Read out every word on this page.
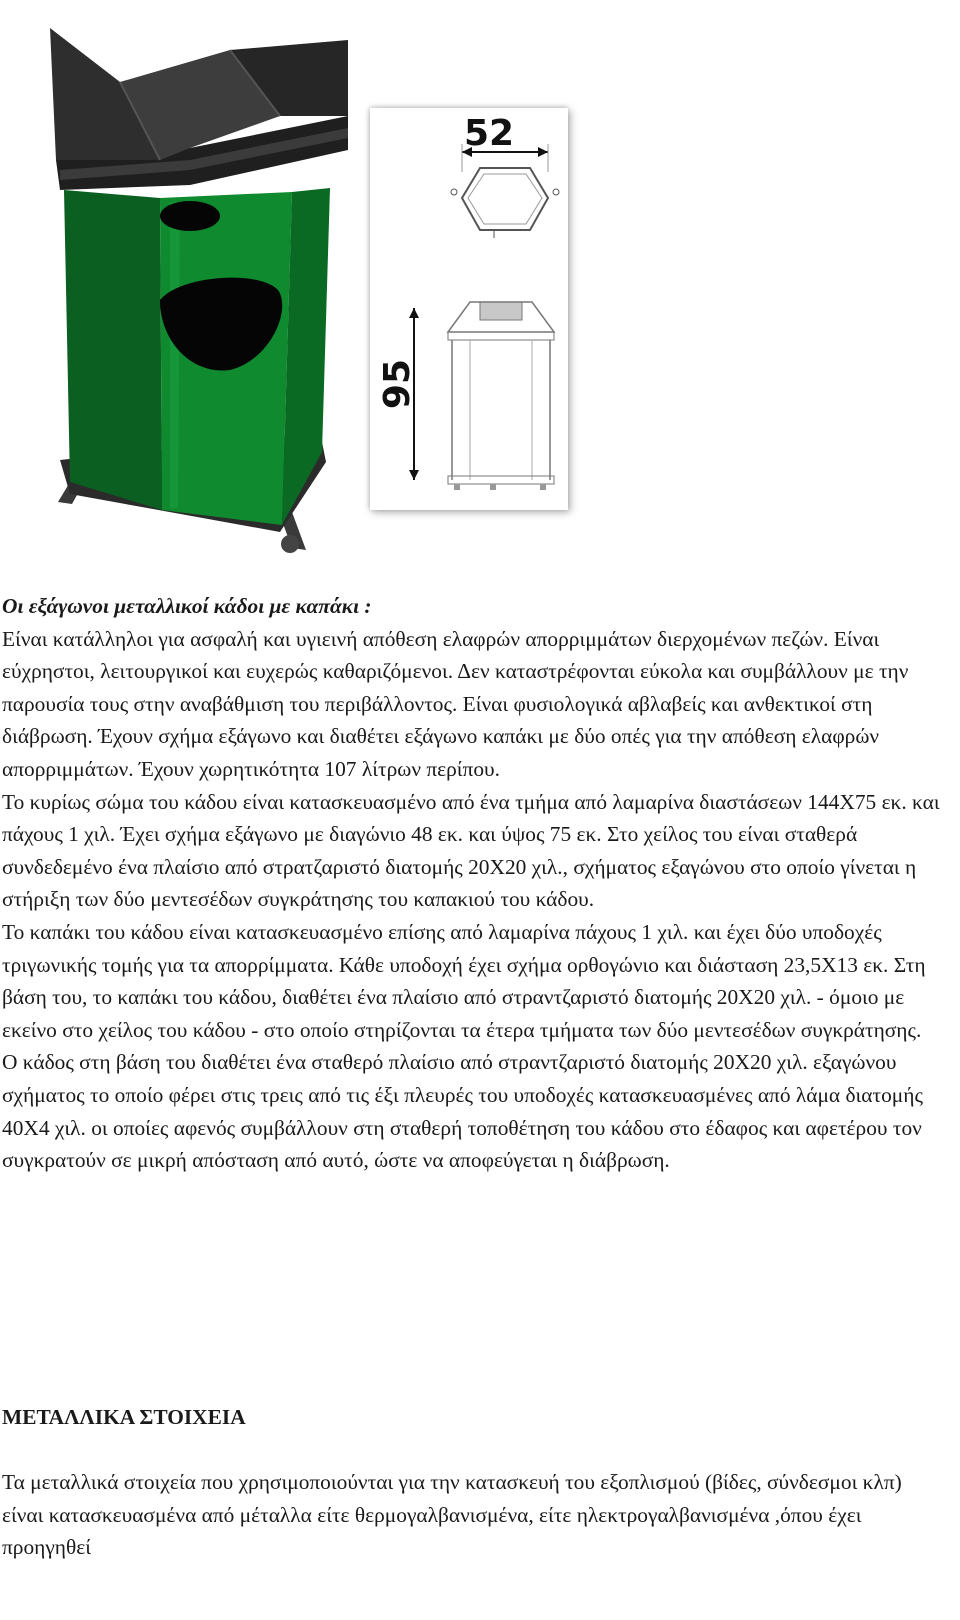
52
95

Οι εξάγωνοι μεταλλικοί κάδοι με καπάκι :

Είναι κατάλληλοι για ασφαλή και υγιεινή απόθεση ελαφρών απορριμμάτων διερχομένων πεζών. Είναι εύχρηστοι, λειτουργικοί και ευχερώς καθαριζόμενοι. Δεν καταστρέφονται εύκολα και συμβάλλουν με την παρουσία τους στην αναβάθμιση του περιβάλλοντος. Είναι φυσιολογικά αβλαβείς και ανθεκτικοί στη διάβρωση. Έχουν σχήμα εξάγωνο και διαθέτει εξάγωνο καπάκι με δύο οπές για την απόθεση ελαφρών απορριμμάτων. Έχουν χωρητικότητα 107 λίτρων περίπου.

Το κυρίως σώμα του κάδου είναι κατασκευασμένο από ένα τμήμα από λαμαρίνα διαστάσεων 144Χ75 εκ. και πάχους 1 χιλ. Έχει σχήμα εξάγωνο με διαγώνιο 48 εκ. και ύψος 75 εκ. Στο χείλος του είναι σταθερά συνδεδεμένο ένα πλαίσιο από στρατζαριστό διατομής 20Χ20 χιλ., σχήματος εξαγώνου στο οποίο γίνεται η στήριξη των δύο μεντεσέδων συγκράτησης του καπακιού του κάδου.

Το καπάκι του κάδου είναι κατασκευασμένο επίσης από λαμαρίνα πάχους 1 χιλ. και έχει δύο υποδοχές τριγωνικής τομής για τα απορρίμματα. Κάθε υποδοχή έχει σχήμα ορθογώνιο και διάσταση 23,5Χ13 εκ. Στη βάση του, το καπάκι του κάδου, διαθέτει ένα πλαίσιο από στραντζαριστό διατομής 20Χ20 χιλ. - όμοιο με εκείνο στο χείλος του κάδου - στο οποίο στηρίζονται τα έτερα τμήματα των δύο μεντεσέδων συγκράτησης.

Ο κάδος στη βάση του διαθέτει ένα σταθερό πλαίσιο από στραντζαριστό διατομής 20Χ20 χιλ. εξαγώνου σχήματος το οποίο φέρει στις τρεις από τις έξι πλευρές του υποδοχές κατασκευασμένες από λάμα διατομής 40Χ4 χιλ. οι οποίες αφενός συμβάλλουν στη σταθερή τοποθέτηση του κάδου στο έδαφος και αφετέρου τον συγκρατούν σε μικρή απόσταση από αυτό, ώστε να αποφεύγεται η διάβρωση.

ΜΕΤΑΛΛΙΚΑ ΣΤΟΙΧΕΙΑ

Τα μεταλλικά στοιχεία που χρησιμοποιούνται για την κατασκευή του εξοπλισμού (βίδες, σύνδεσμοι κλπ) είναι κατασκευασμένα από μέταλλα είτε θερμογαλβανισμένα, είτε ηλεκτρογαλβανισμένα ,όπου έχει προηγηθεί
